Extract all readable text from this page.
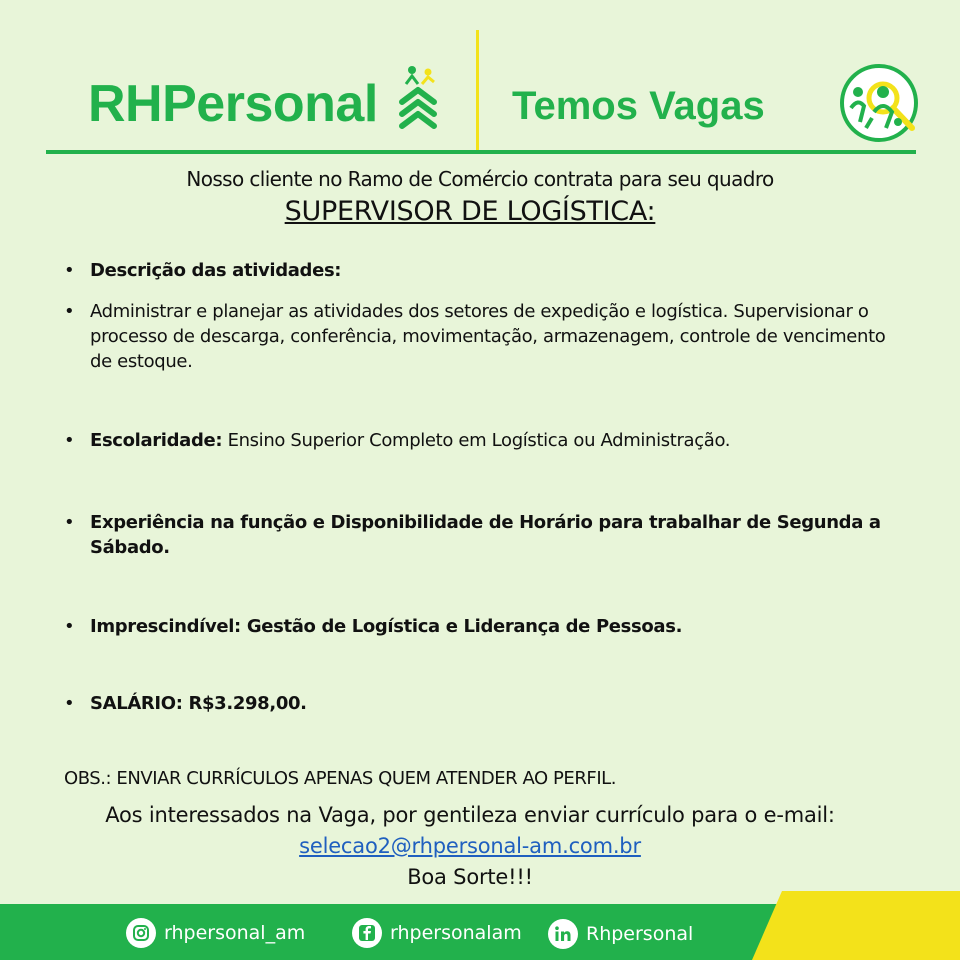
RHPersonal	Temos Vagas
Nosso cliente no Ramo de Comércio contrata para seu quadro
SUPERVISOR DE LOGÍSTICA:
• Descrição das atividades:
• Administrar e planejar as atividades dos setores de expedição e logística. Supervisionar o processo de descarga, conferência, movimentação, armazenagem, controle de vencimento de estoque.
• Escolaridade: Ensino Superior Completo em Logística ou Administração.
• Experiência na função e Disponibilidade de Horário para trabalhar de Segunda a Sábado.
• Imprescindível: Gestão de Logística e Liderança de Pessoas.
• SALÁRIO: R$3.298,00.
OBS.: ENVIAR CURRÍCULOS APENAS QUEM ATENDER AO PERFIL.
Aos interessados na Vaga, por gentileza enviar currículo para o e-mail: selecao2@rhpersonal-am.com.br
Boa Sorte!!!
rhpersonal_am	rhpersonalam	Rhpersonal
